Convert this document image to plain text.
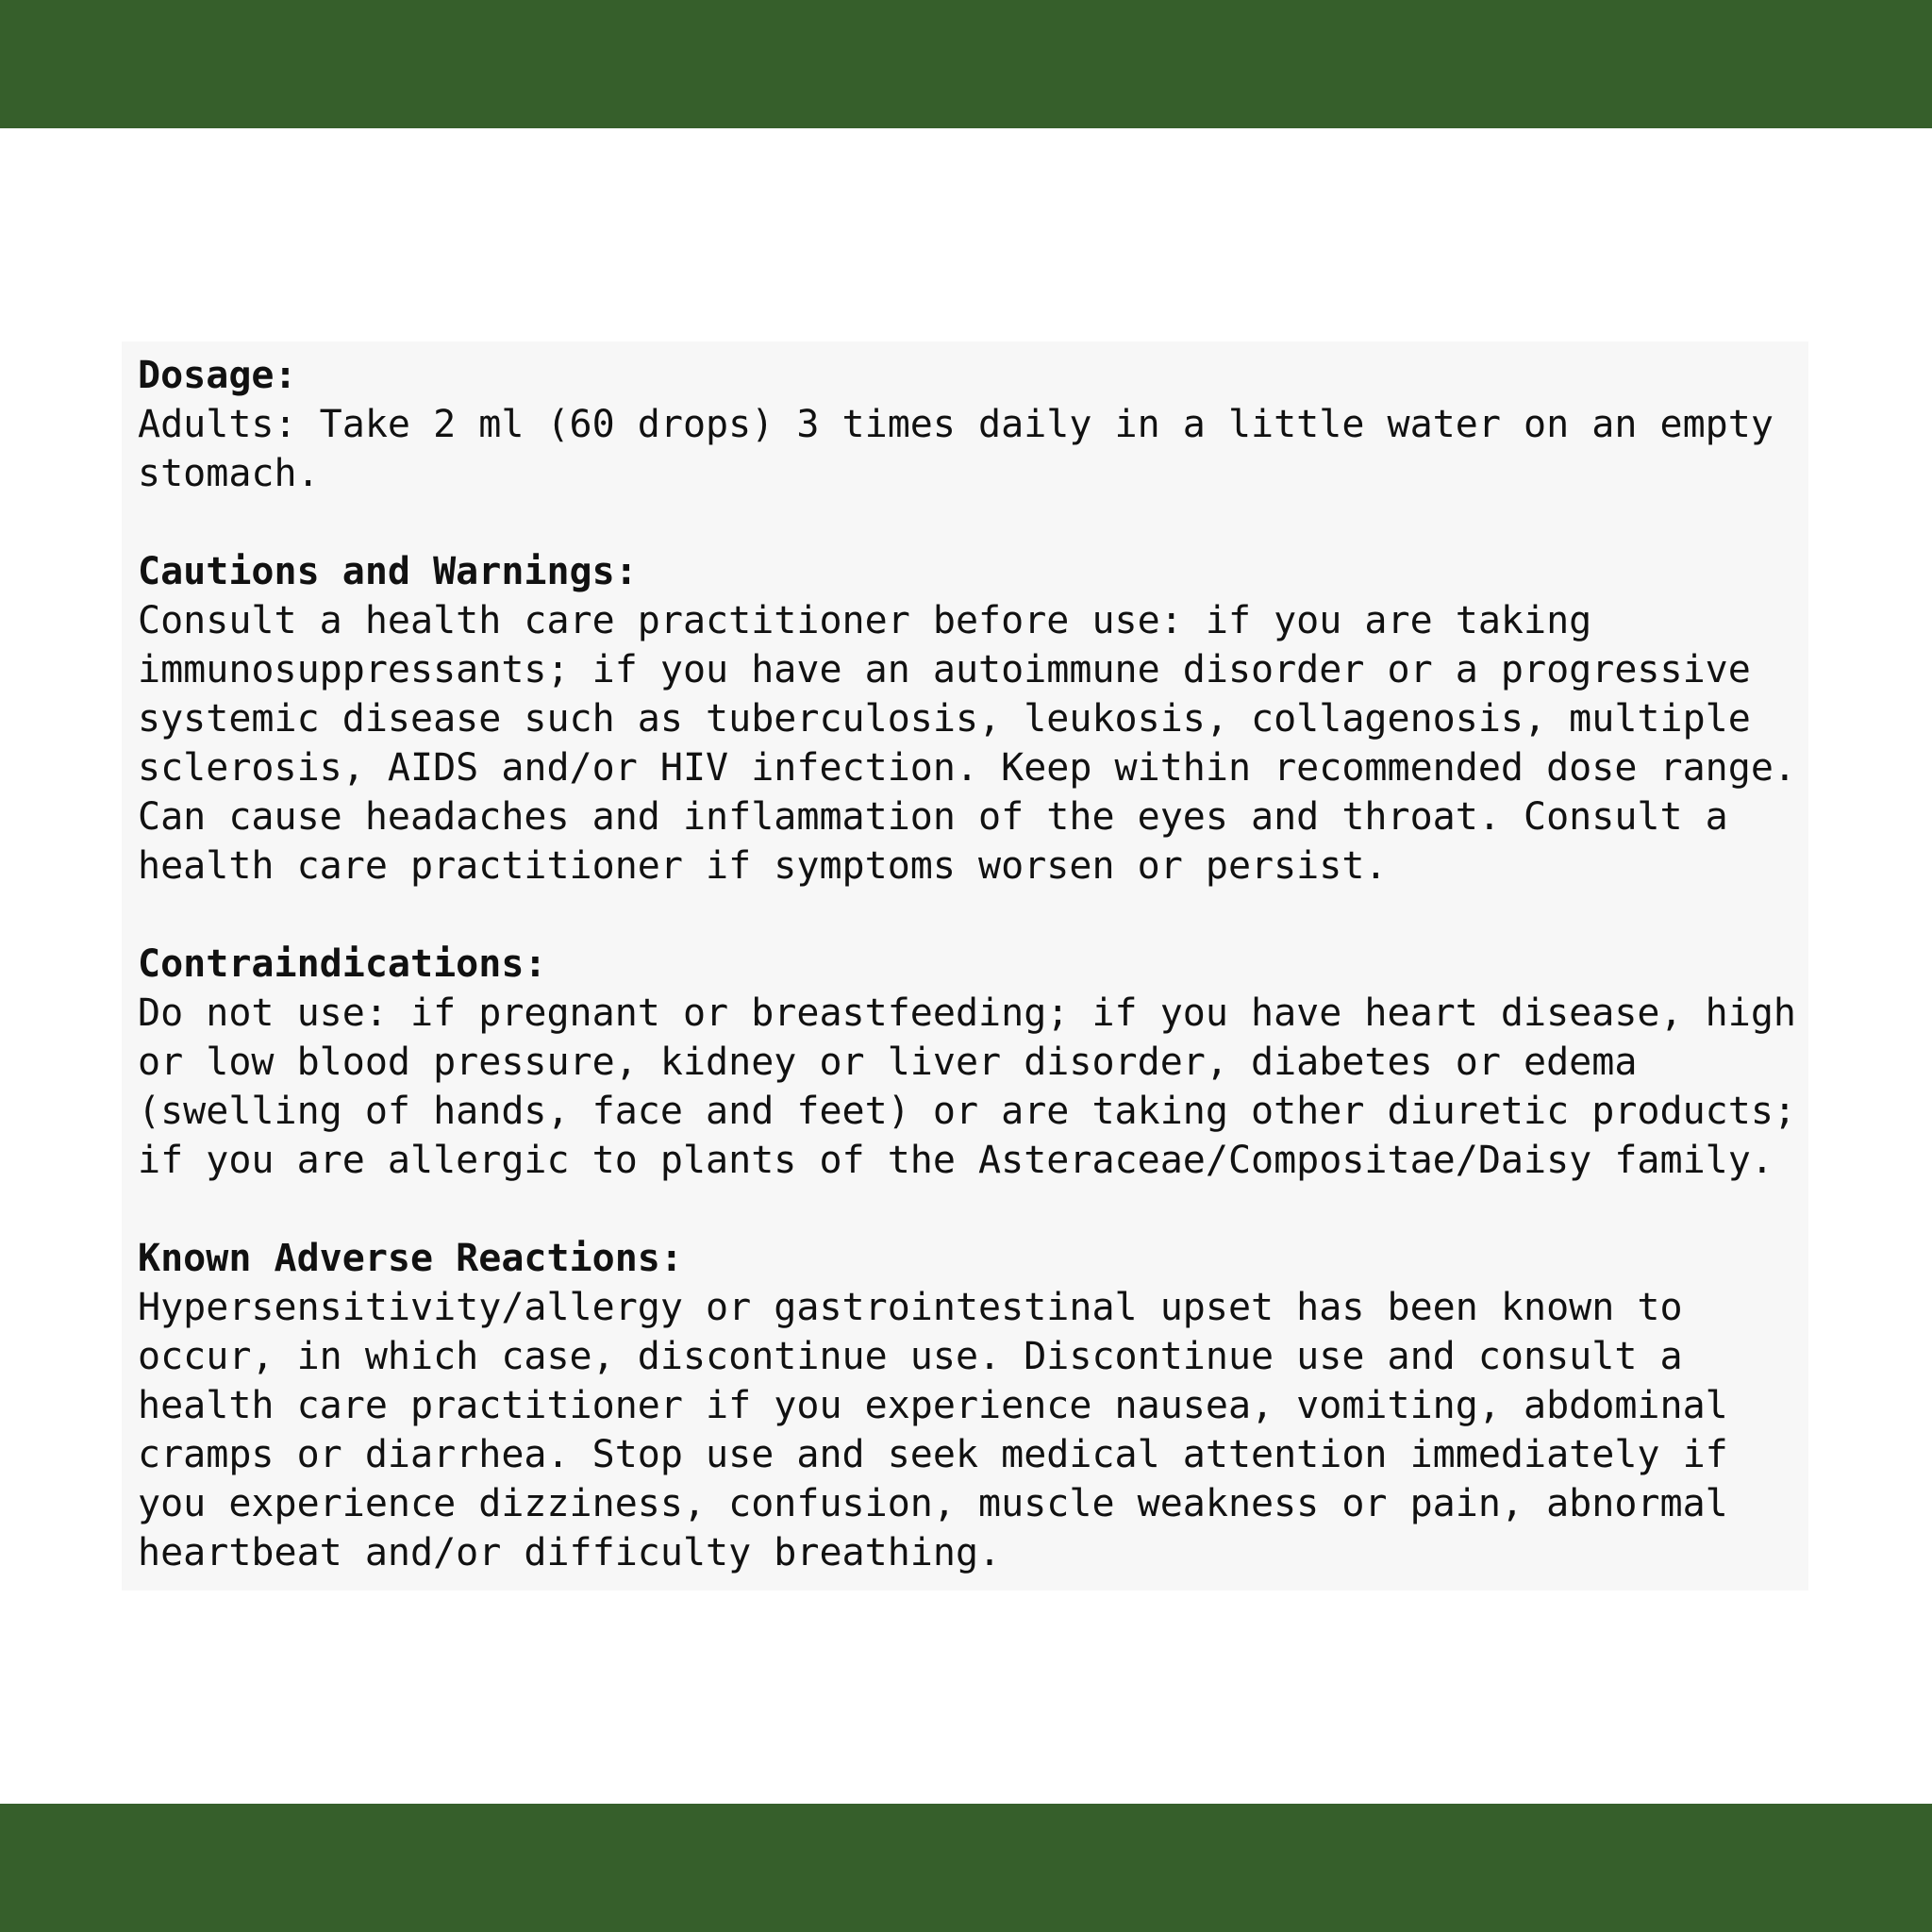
Dosage:
Adults: Take 2 ml (60 drops) 3 times daily in a little water on an empty
stomach.
Cautions and Warnings:
Consult a health care practitioner before use: if you are taking
immunosuppressants; if you have an autoimmune disorder or a progressive
systemic disease such as tuberculosis, leukosis, collagenosis, multiple
sclerosis, AIDS and/or HIV infection. Keep within recommended dose range.
Can cause headaches and inflammation of the eyes and throat. Consult a
health care practitioner if symptoms worsen or persist.
Contraindications:
Do not use: if pregnant or breastfeeding; if you have heart disease, high
or low blood pressure, kidney or liver disorder, diabetes or edema
(swelling of hands, face and feet) or are taking other diuretic products;
if you are allergic to plants of the Asteraceae/Compositae/Daisy family.
Known Adverse Reactions:
Hypersensitivity/allergy or gastrointestinal upset has been known to
occur, in which case, discontinue use. Discontinue use and consult a
health care practitioner if you experience nausea, vomiting, abdominal
cramps or diarrhea. Stop use and seek medical attention immediately if
you experience dizziness, confusion, muscle weakness or pain, abnormal
heartbeat and/or difficulty breathing.
